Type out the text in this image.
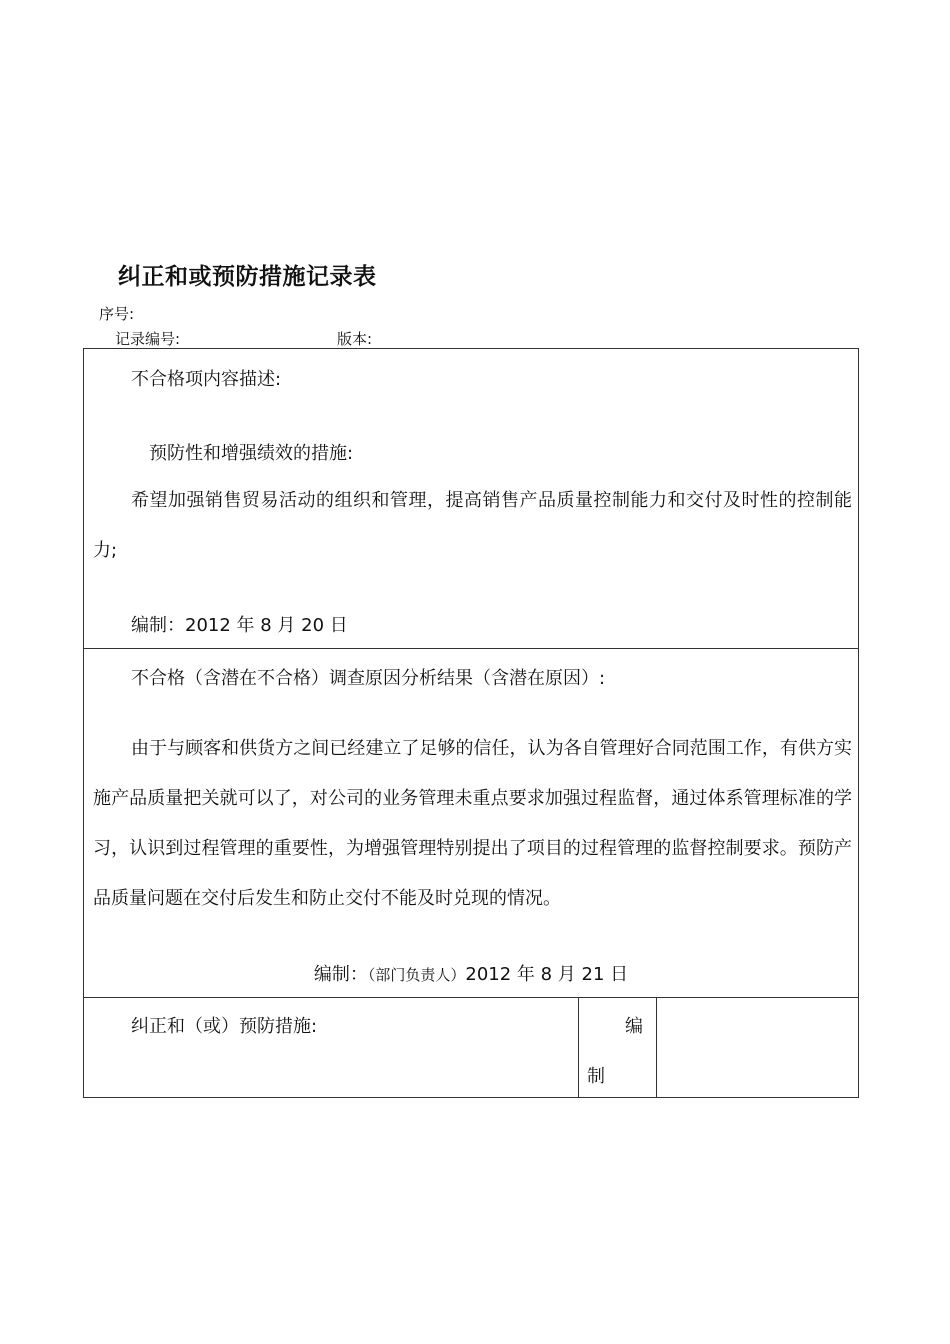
纠正和或预防措施记录表
序号:
记录编号:	版本:
不合格项内容描述:
预防性和增强绩效的措施:
希望加强销售贸易活动的组织和管理，提高销售产品质量控制能力和交付及时性的控制能力;
编制：2012 年 8 月 20 日

不合格（含潜在不合格）调查原因分析结果（含潜在原因）:
由于与顾客和供货方之间已经建立了足够的信任，认为各自管理好合同范围工作，有供方实施产品质量把关就可以了，对公司的业务管理未重点要求加强过程监督，通过体系管理标准的学习，认识到过程管理的重要性，为增强管理特别提出了项目的过程管理的监督控制要求。预防产品质量问题在交付后发生和防止交付不能及时兑现的情况。
编制：（部门负责人）2012 年 8 月 21 日

纠正和（或）预防措施:	编
制
